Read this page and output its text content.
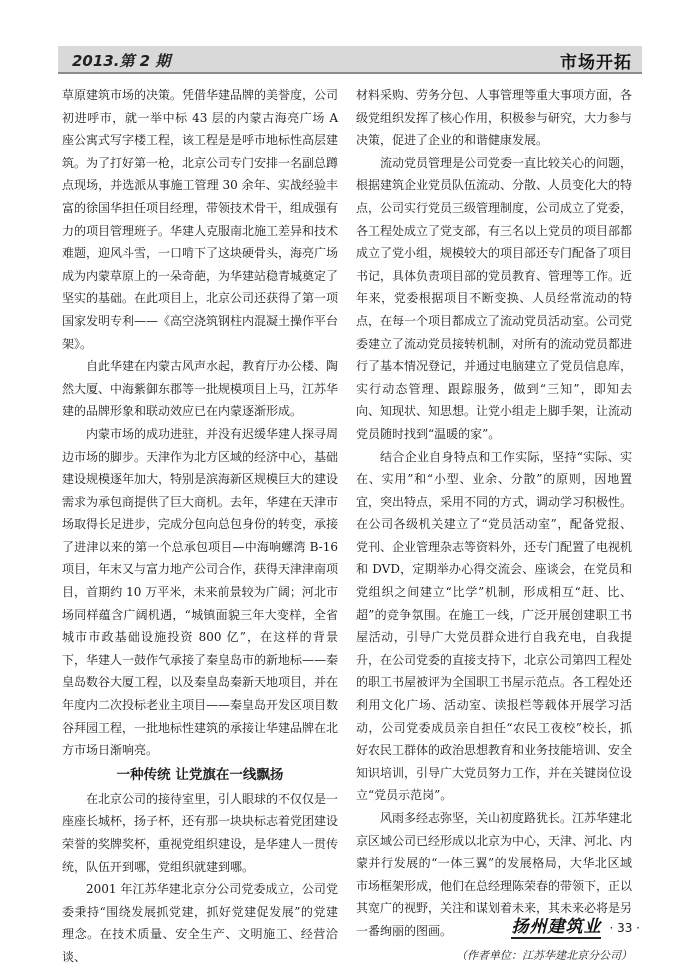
2013.第 2 期	市场开拓

草原建筑市场的决策。凭借华建品牌的美誉度，公司初进呼市，就一举中标 43 层的内蒙古海亮广场 A 座公寓式写字楼工程，该工程是是呼市地标性高层建筑。为了打好第一枪，北京公司专门安排一名副总蹲点现场，并选派从事施工管理 30 余年、实战经验丰富的徐国华担任项目经理，带领技术骨干，组成强有力的项目管理班子。华建人克服南北施工差异和技术难题，迎风斗雪，一口啃下了这块硬骨头，海亮广场成为内蒙草原上的一朵奇葩，为华建站稳青城奠定了坚实的基础。在此项目上，北京公司还获得了第一项国家发明专利——《高空浇筑钢柱内混凝土操作平台架》。

自此华建在内蒙古风声水起，教育厅办公楼、陶然大厦、中海紫御东郡等一批规模项目上马，江苏华建的品牌形象和联动效应已在内蒙逐渐形成。

内蒙市场的成功进驻，并没有迟缓华建人探寻周边市场的脚步。天津作为北方区域的经济中心，基础建设规模逐年加大，特别是滨海新区规模巨大的建设需求为承包商提供了巨大商机。去年，华建在天津市场取得长足进步，完成分包向总包身份的转变，承接了进津以来的第一个总承包项目—中海响螺湾 B-16 项目，年末又与富力地产公司合作，获得天津津南项目，首期约 10 万平米，未来前景较为广阔；河北市场同样蕴含广阔机遇，“城镇面貌三年大变样，全省城市市政基础设施投资 800 亿”，在这样的背景下，华建人一鼓作气承接了秦皇岛市的新地标——秦皇岛数谷大厦工程，以及秦皇岛秦新天地项目，并在年度内二次投标老业主项目——秦皇岛开发区项目数谷拜园工程，一批地标性建筑的承接让华建品牌在北方市场日渐响亮。

一种传统 让党旗在一线飘扬

在北京公司的接待室里，引人眼球的不仅仅是一座座长城杯，扬子杯，还有那一块块标志着党团建设荣誉的奖牌奖杯，重视党组织建设，是华建人一贯传统，队伍开到哪，党组织就建到哪。

2001 年江苏华建北京分公司党委成立，公司党委秉持“围绕发展抓党建，抓好党建促发展”的党建理念。在技术质量、安全生产、文明施工、经营洽谈、

材料采购、劳务分包、人事管理等重大事项方面，各级党组织发挥了核心作用，积极参与研究，大力参与决策，促进了企业的和谐健康发展。

流动党员管理是公司党委一直比较关心的问题，根据建筑企业党员队伍流动、分散、人员变化大的特点，公司实行党员三级管理制度，公司成立了党委，各工程处成立了党支部，有三名以上党员的项目部都成立了党小组，规模较大的项目部还专门配备了项目书记，具体负责项目部的党员教育、管理等工作。近年来，党委根据项目不断变换、人员经常流动的特点，在每一个项目都成立了流动党员活动室。公司党委建立了流动党员接转机制，对所有的流动党员都进行了基本情况登记，并通过电脑建立了党员信息库，实行动态管理、跟踪服务，做到“三知”，即知去向、知现状、知思想。让党小组走上脚手架，让流动党员随时找到“温暖的家”。

结合企业自身特点和工作实际，坚持“实际、实在、实用”和“小型、业余、分散”的原则，因地置宜，突出特点，采用不同的方式，调动学习积极性。在公司各级机关建立了“党员活动室”，配备党报、党刊、企业管理杂志等资料外，还专门配置了电视机和 DVD，定期举办心得交流会、座谈会，在党员和党组织之间建立“比学”机制，形成相互“赶、比、超”的竞争氛围。在施工一线，广泛开展创建职工书屋活动，引导广大党员群众进行自我充电，自我提升，在公司党委的直接支持下，北京公司第四工程处的职工书屋被评为全国职工书屋示范点。各工程处还利用文化广场、活动室、读报栏等载体开展学习活动，公司党委成员亲自担任“农民工夜校”校长，抓好农民工群体的政治思想教育和业务技能培训、安全知识培训，引导广大党员努力工作，并在关键岗位设立“党员示范岗”。

风雨多经志弥坚，关山初度路犹长。江苏华建北京区域公司已经形成以北京为中心，天津、河北、内蒙并行发展的“一体三翼”的发展格局，大华北区域市场框架形成，他们在总经理陈荣春的带领下，正以其宽广的视野，关注和谋划着未来，其未来必将是另一番绚丽的图画。

（作者单位：江苏华建北京分公司）
扬州建筑业 · 33 ·
